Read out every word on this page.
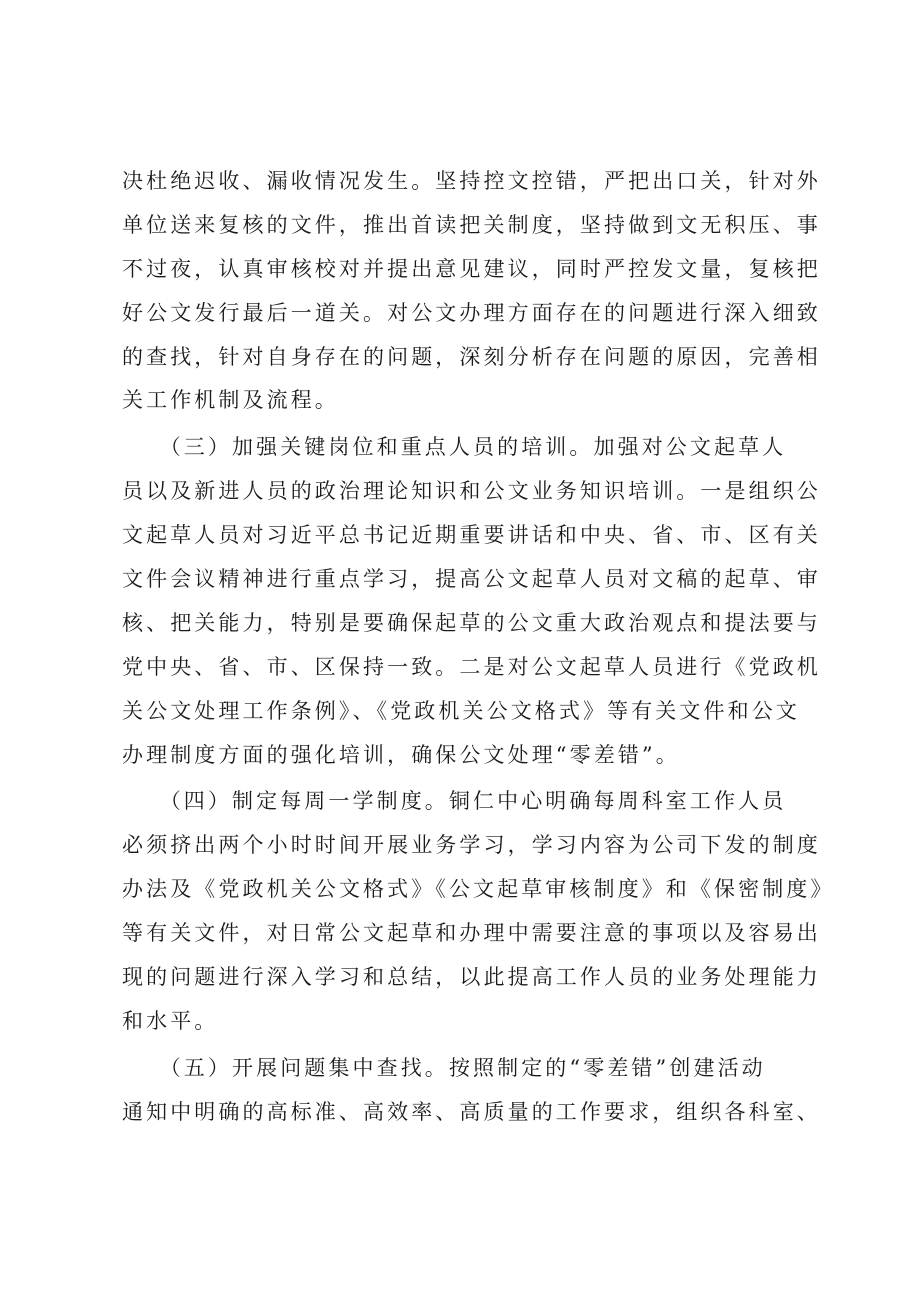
决杜绝迟收、漏收情况发生。坚持控文控错，严把出口关，针对外
单位送来复核的文件，推出首读把关制度，坚持做到文无积压、事
不过夜，认真审核校对并提出意见建议，同时严控发文量，复核把
好公文发行最后一道关。对公文办理方面存在的问题进行深入细致
的查找，针对自身存在的问题，深刻分析存在问题的原因，完善相
关工作机制及流程。
　　（三）加强关键岗位和重点人员的培训。加强对公文起草人
员以及新进人员的政治理论知识和公文业务知识培训。一是组织公
文起草人员对习近平总书记近期重要讲话和中央、省、市、区有关
文件会议精神进行重点学习，提高公文起草人员对文稿的起草、审
核、把关能力，特别是要确保起草的公文重大政治观点和提法要与
党中央、省、市、区保持一致。二是对公文起草人员进行《党政机
关公文处理工作条例》、《党政机关公文格式》等有关文件和公文
办理制度方面的强化培训，确保公文处理“零差错”。
　　（四）制定每周一学制度。铜仁中心明确每周科室工作人员
必须挤出两个小时时间开展业务学习，学习内容为公司下发的制度
办法及《党政机关公文格式》《公文起草审核制度》和《保密制度》
等有关文件，对日常公文起草和办理中需要注意的事项以及容易出
现的问题进行深入学习和总结，以此提高工作人员的业务处理能力
和水平。
　　（五）开展问题集中查找。按照制定的“零差错”创建活动
通知中明确的高标准、高效率、高质量的工作要求，组织各科室、
